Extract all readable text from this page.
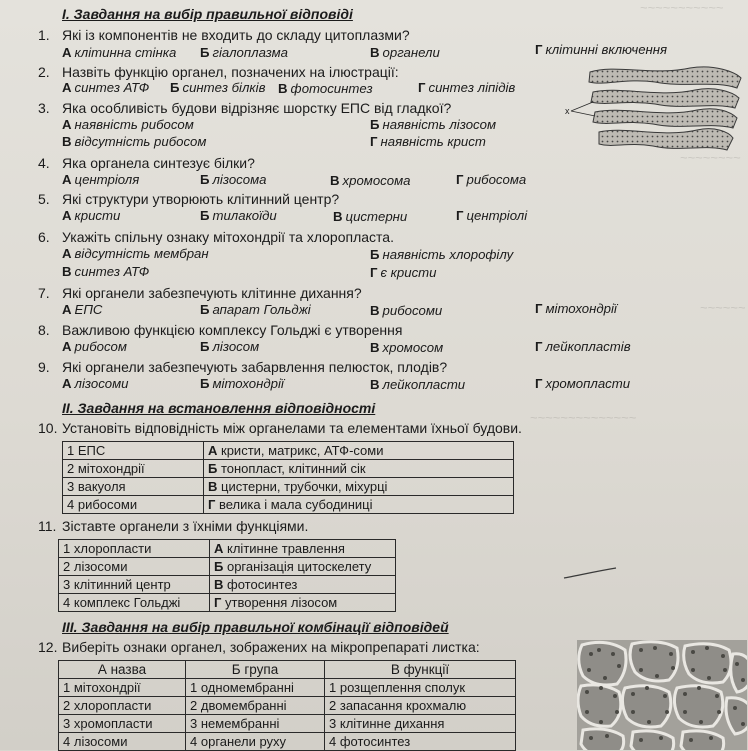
~~~~~~~~~~~
~~~~~~~~
~~~~~~
~~~~~~~~~~~~~~
I. Завдання на вибір правильної відповіді
1. Які із компонентів не входить до складу цитоплазми?
А клітинна стінка Б гіалоплазма	В органели	Г клітинні включення
2. Назвіть функцію органел, позначених на ілюстрації:
А синтез АТФ Б синтез білків В фотосинтез	Г синтез ліпідів
x
3. Яка особливість будови відрізняє шорстку ЕПС від гладкої?
А наявність рибосом	Б наявність лізосом
В відсутність рибосом	Г наявність крист
4. Яка органела синтезує білки?
А центріоля	Б лізосома	В хромосома	Г рибосома
5. Які структури утворюють клітинний центр?
А кристи	Б тилакоїди	В цистерни	Г центріолі
6. Укажіть спільну ознаку мітохондрії та хлоропласта.
А відсутність мембран	Б наявність хлорофілу
В синтез АТФ	Г є кристи
7. Які органели забезпечують клітинне дихання?
А ЕПС	Б апарат Гольджі	В рибосоми	Г мітохондрії
8. Важливою функцією комплексу Гольджі є утворення
А рибосом	Б лізосом	В хромосом	Г лейкопластів
9. Які органели забезпечують забарвлення пелюсток, плодів?
А лізосоми	Б мітохондрії	В лейкопласти	Г хромопласти
II. Завдання на встановлення відповідності
10. Установіть відповідність між органелами та елементами їхньої будови.
1 ЕПС	А кристи, матрикс, АТФ-соми
2 мітохондрії	Б тонопласт, клітинний сік
3 вакуоля	В цистерни, трубочки, міхурці
4 рибосоми	Г велика і мала субодиниці
11. Зіставте органели з їхніми функціями.
1 хлоропласти	А клітинне травлення
2 лізосоми	Б організація цитоскелету
3 клітинний центр	В фотосинтез
4 комплекс Гольджі	Г утворення лізосом
III. Завдання на вибір правильної комбінації відповідей
12. Виберіть ознаки органел, зображених на мікропрепараті листка:
А назва	Б група	В функції
1 мітохондрії	1 одномембранні	1 розщеплення сполук
2 хлоропласти	2 двомембранні	2 запасання крохмалю
3 хромопласти	3 немембранні	3 клітинне дихання
4 лізосоми	4 органели руху	4 фотосинтез
